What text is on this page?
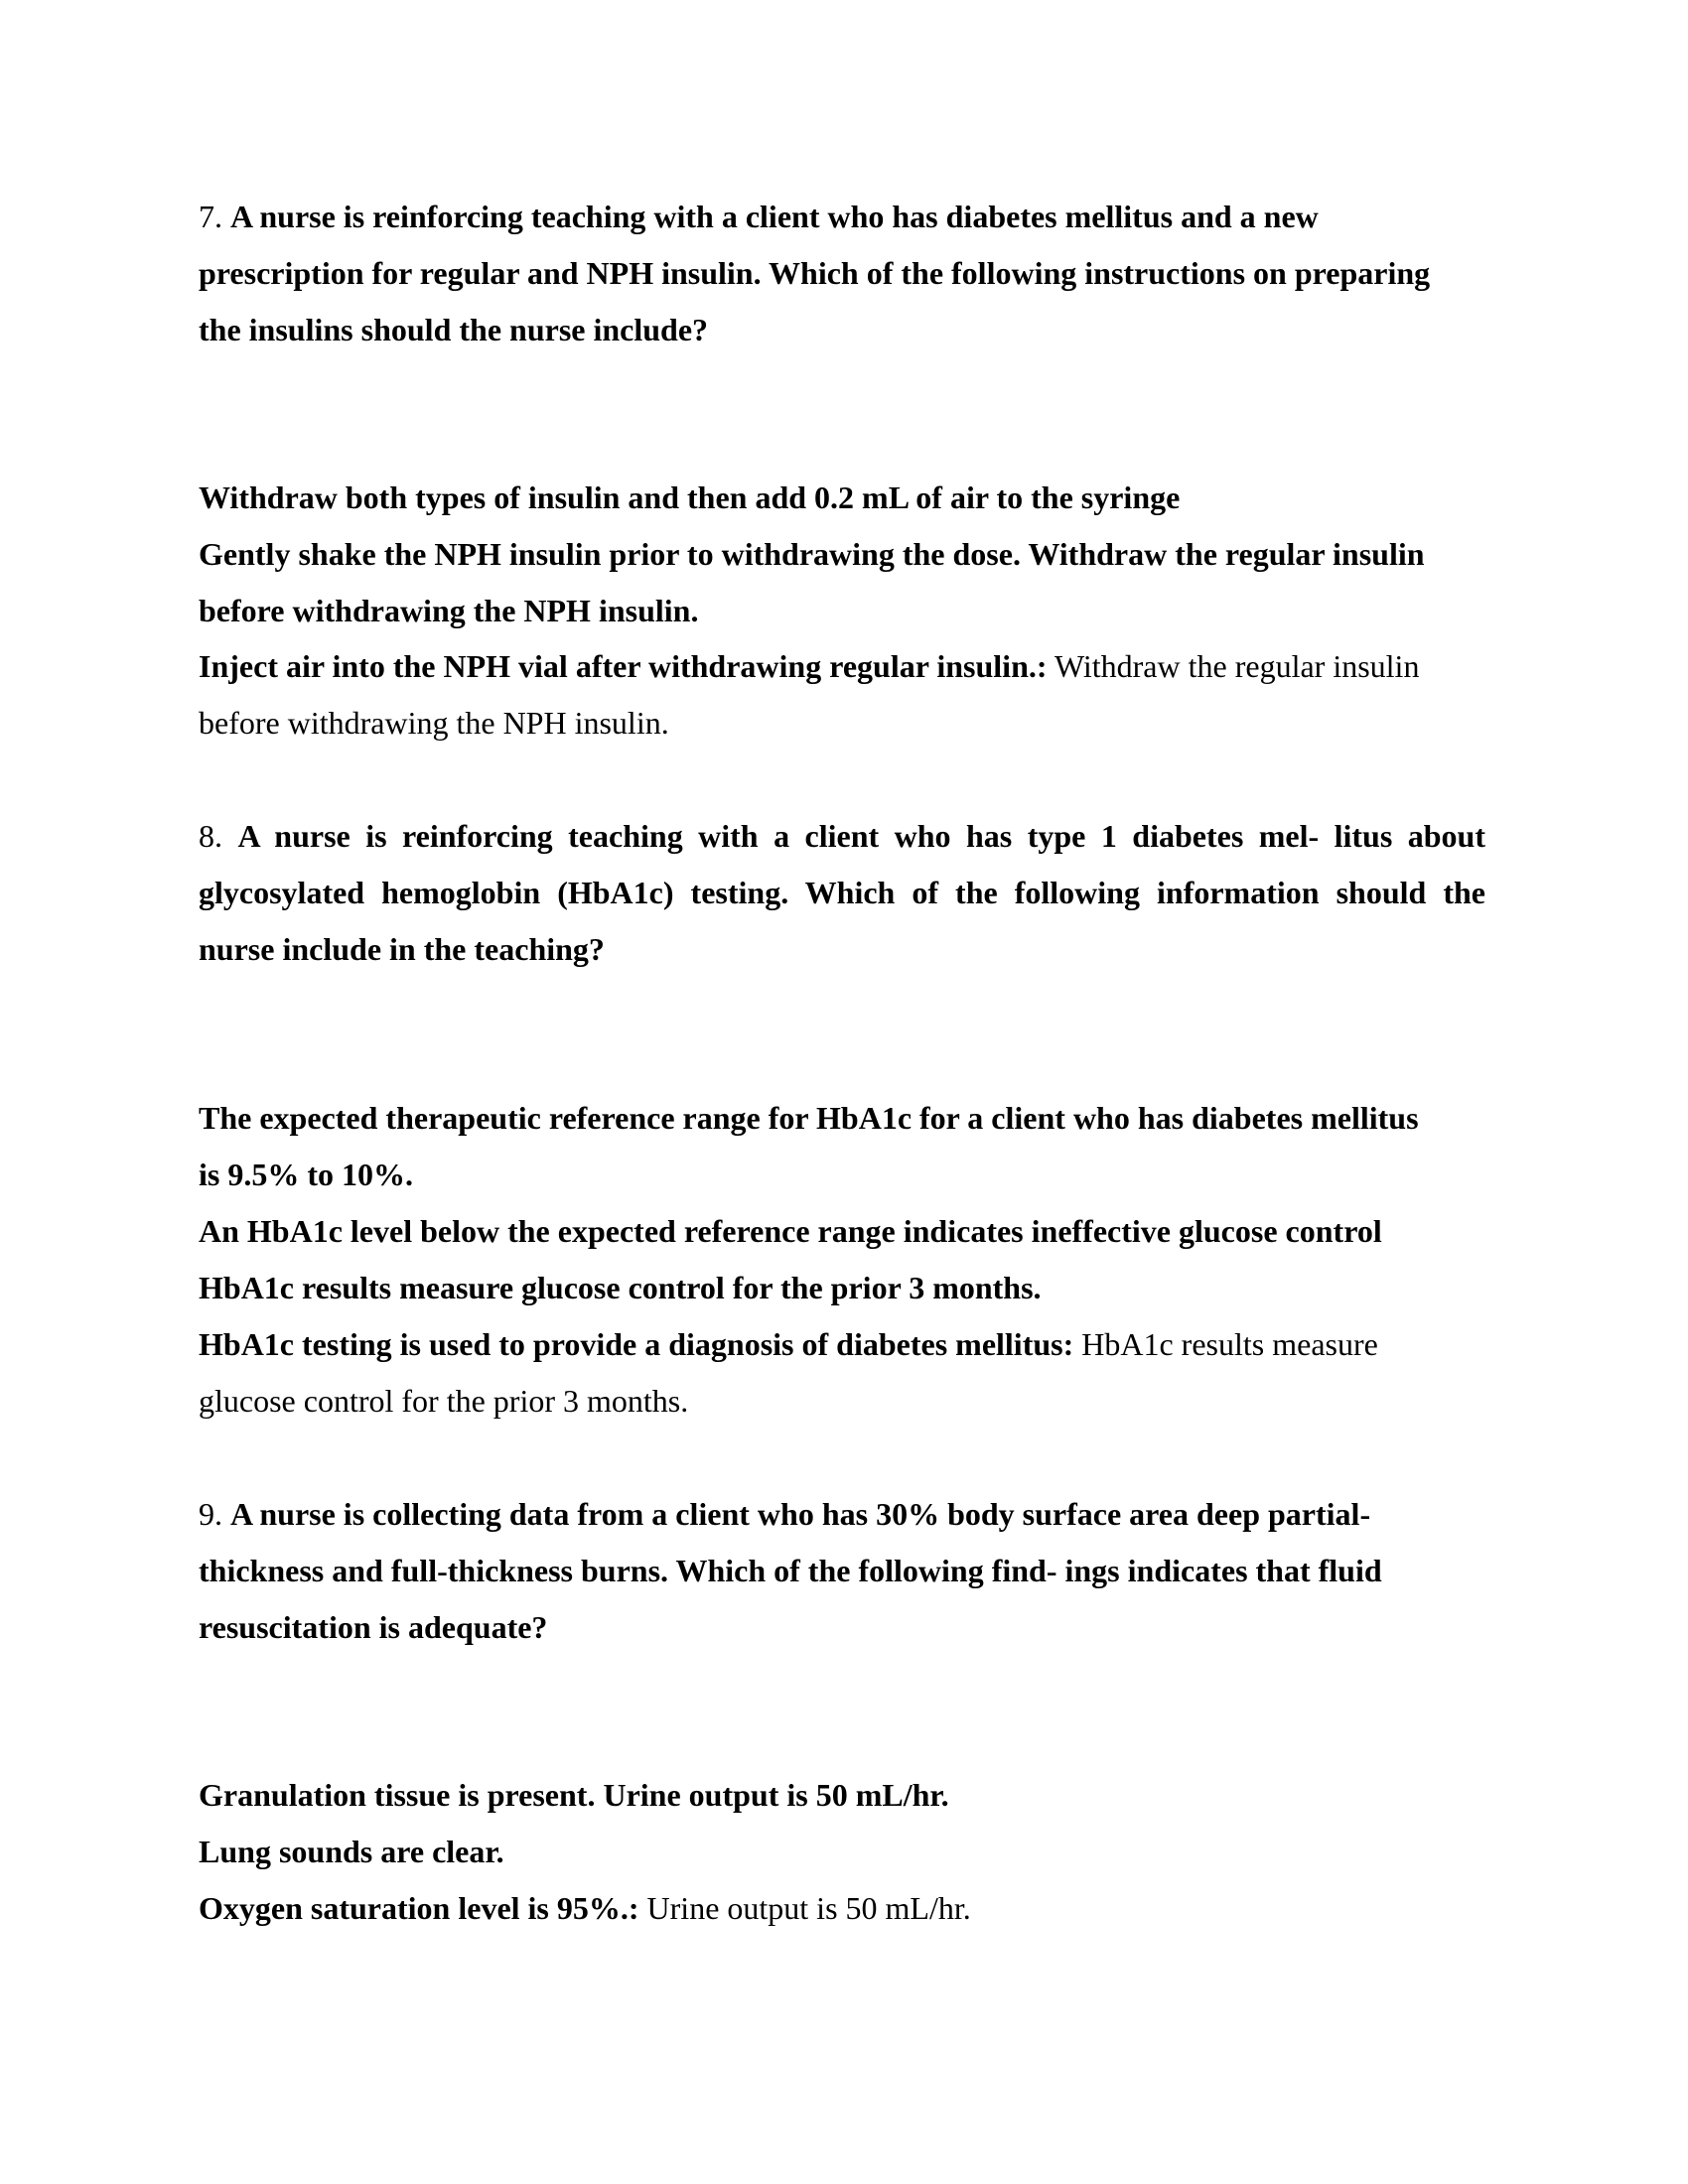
7. A nurse is reinforcing teaching with a client who has diabetes mellitus and a new
prescription for regular and NPH insulin. Which of the following instructions on preparing
the insulins should the nurse include?
Withdraw both types of insulin and then add 0.2 mL of air to the syringe
Gently shake the NPH insulin prior to withdrawing the dose. Withdraw the regular insulin
before withdrawing the NPH insulin.
Inject air into the NPH vial after withdrawing regular insulin.: Withdraw the regular insulin
before withdrawing the NPH insulin.
8. A nurse is reinforcing teaching with a client who has type 1 diabetes mel- litus about
glycosylated hemoglobin (HbA1c) testing. Which of the following information should the
nurse include in the teaching?
The expected therapeutic reference range for HbA1c for a client who has diabetes mellitus
is 9.5% to 10%.
An HbA1c level below the expected reference range indicates ineffective glucose control
HbA1c results measure glucose control for the prior 3 months.
HbA1c testing is used to provide a diagnosis of diabetes mellitus: HbA1c results measure
glucose control for the prior 3 months.
9. A nurse is collecting data from a client who has 30% body surface area deep partial-
thickness and full-thickness burns. Which of the following find- ings indicates that fluid
resuscitation is adequate?
Granulation tissue is present. Urine output is 50 mL/hr.
Lung sounds are clear.
Oxygen saturation level is 95%.: Urine output is 50 mL/hr.
